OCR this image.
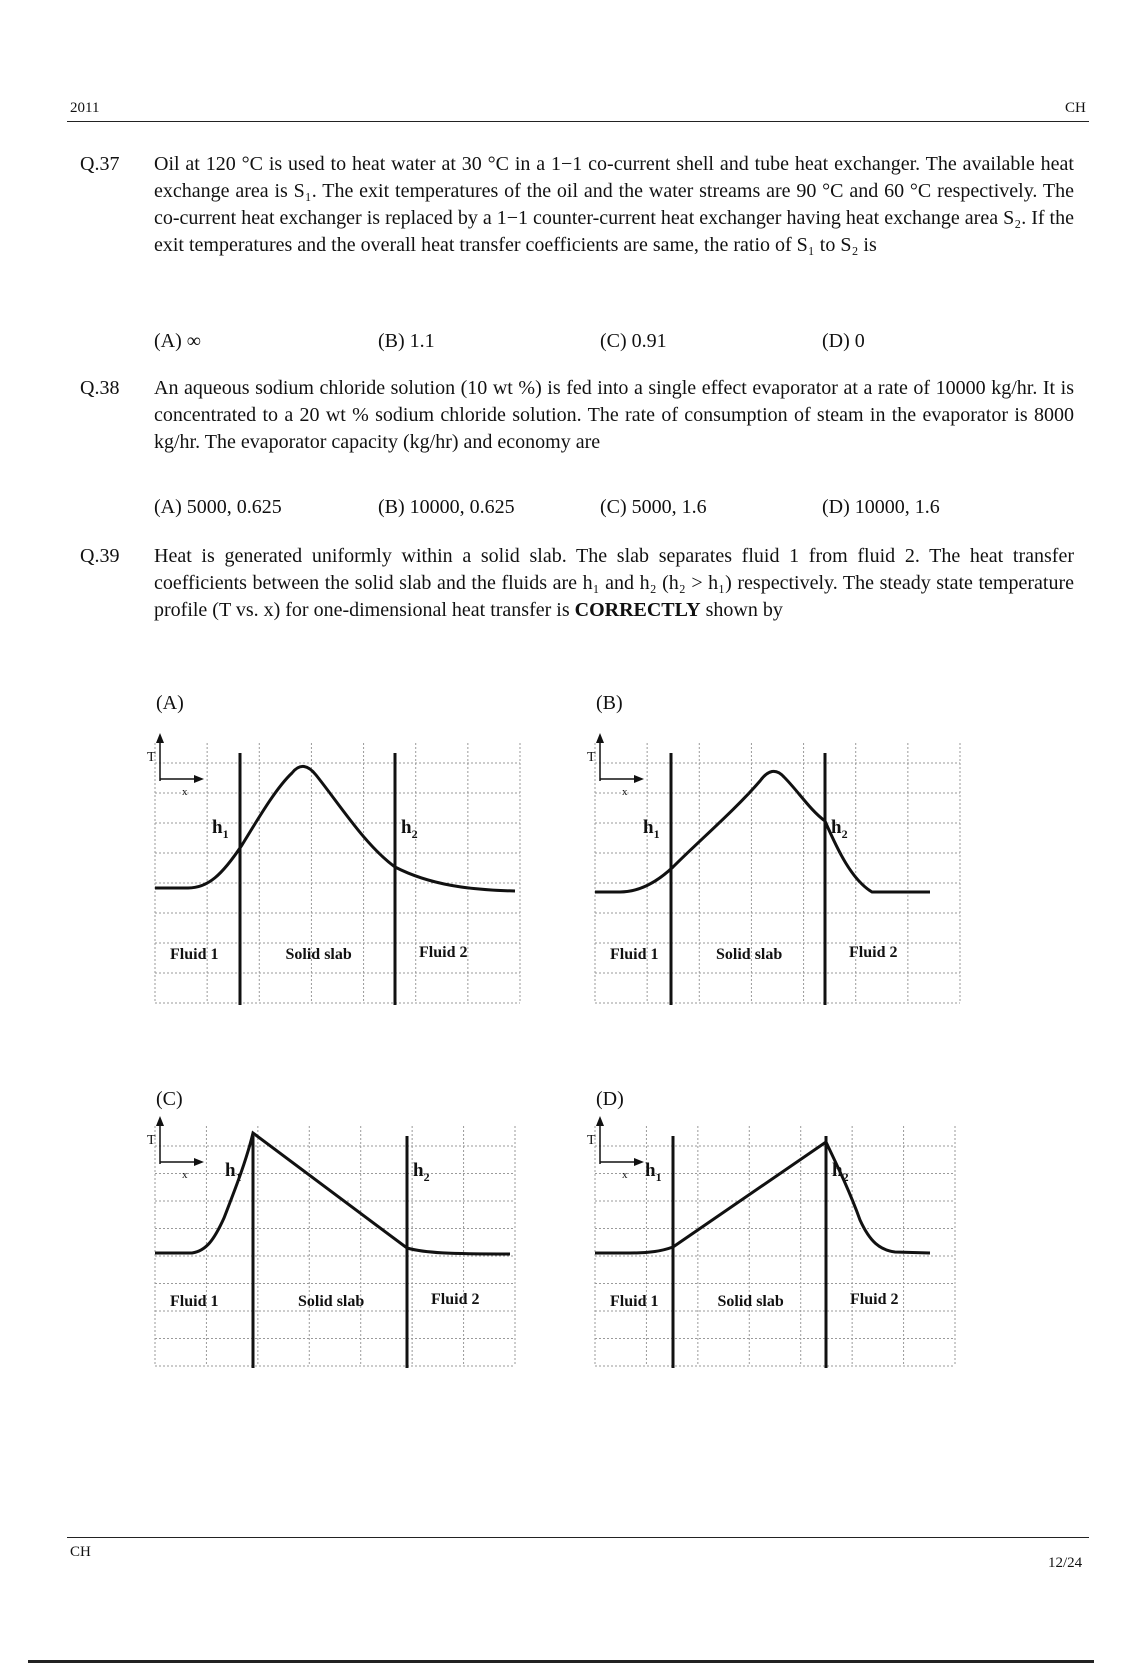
2011	CH
Q.37 Oil at 120 °C is used to heat water at 30 °C in a 1−1 co-current shell and tube heat exchanger. The available heat exchange area is S₁. The exit temperatures of the oil and the water streams are 90 °C and 60 °C respectively. The co-current heat exchanger is replaced by a 1−1 counter-current heat exchanger having heat exchange area S₂. If the exit temperatures and the overall heat transfer coefficients are same, the ratio of S₁ to S₂ is
(A) ∞	(B) 1.1	(C) 0.91	(D) 0
Q.38 An aqueous sodium chloride solution (10 wt %) is fed into a single effect evaporator at a rate of 10000 kg/hr. It is concentrated to a 20 wt % sodium chloride solution. The rate of consumption of steam in the evaporator is 8000 kg/hr. The evaporator capacity (kg/hr) and economy are
(A) 5000, 0.625	(B) 10000, 0.625	(C) 5000, 1.6	(D) 10000, 1.6
Q.39 Heat is generated uniformly within a solid slab. The slab separates fluid 1 from fluid 2. The heat transfer coefficients between the solid slab and the fluids are h₁ and h₂ (h₂ > h₁) respectively. The steady state temperature profile (T vs. x) for one-dimensional heat transfer is CORRECTLY shown by
(A)	(B)
(C)	(D)
T
x
$h_1$	$h_2$
Fluid 1	Solid slab	Fluid 2
T
x
$h_1$	$h_2$
Fluid 1	Solid slab	Fluid 2
T
x $h_1$	$h_2$
Fluid 1	Solid slab	Fluid 2
T
x $h_1$	$h_2$
Fluid 1	Solid slab	Fluid 2
CH
12/24
